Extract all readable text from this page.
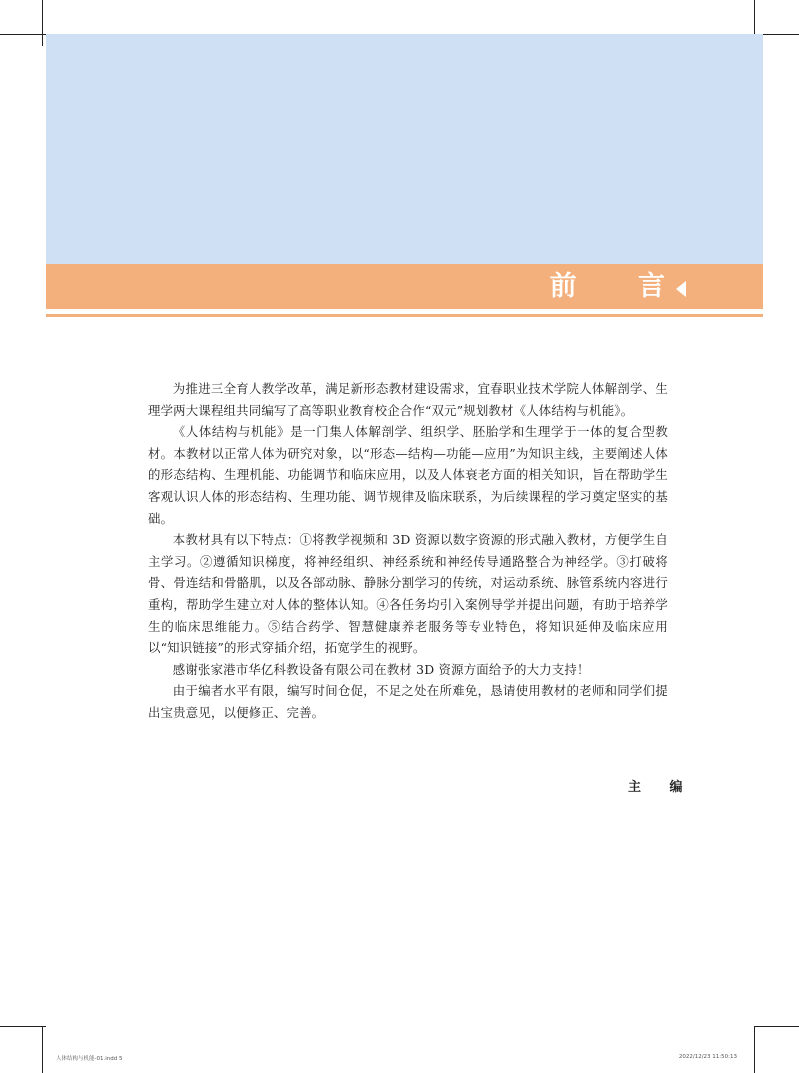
前 言

为推进三全育人教学改革，满足新形态教材建设需求，宜春职业技术学院人体解剖学、生理学两大课程组共同编写了高等职业教育校企合作“双元”规划教材《人体结构与机能》。

《人体结构与机能》是一门集人体解剖学、组织学、胚胎学和生理学于一体的复合型教材。本教材以正常人体为研究对象，以“形态—结构—功能—应用”为知识主线，主要阐述人体的形态结构、生理机能、功能调节和临床应用，以及人体衰老方面的相关知识，旨在帮助学生客观认识人体的形态结构、生理功能、调节规律及临床联系，为后续课程的学习奠定坚实的基础。

本教材具有以下特点：①将教学视频和 3D 资源以数字资源的形式融入教材，方便学生自主学习。②遵循知识梯度，将神经组织、神经系统和神经传导通路整合为神经学。③打破将骨、骨连结和骨骼肌，以及各部动脉、静脉分割学习的传统，对运动系统、脉管系统内容进行重构，帮助学生建立对人体的整体认知。④各任务均引入案例导学并提出问题，有助于培养学生的临床思维能力。⑤结合药学、智慧健康养老服务等专业特色，将知识延伸及临床应用以“知识链接”的形式穿插介绍，拓宽学生的视野。

感谢张家港市华亿科教设备有限公司在教材 3D 资源方面给予的大力支持！

由于编者水平有限，编写时间仓促，不足之处在所难免，恳请使用教材的老师和同学们提出宝贵意见，以便修正、完善。

主 编
人体结构与机能-01.indd 5	2022/12/23 11:50:13
